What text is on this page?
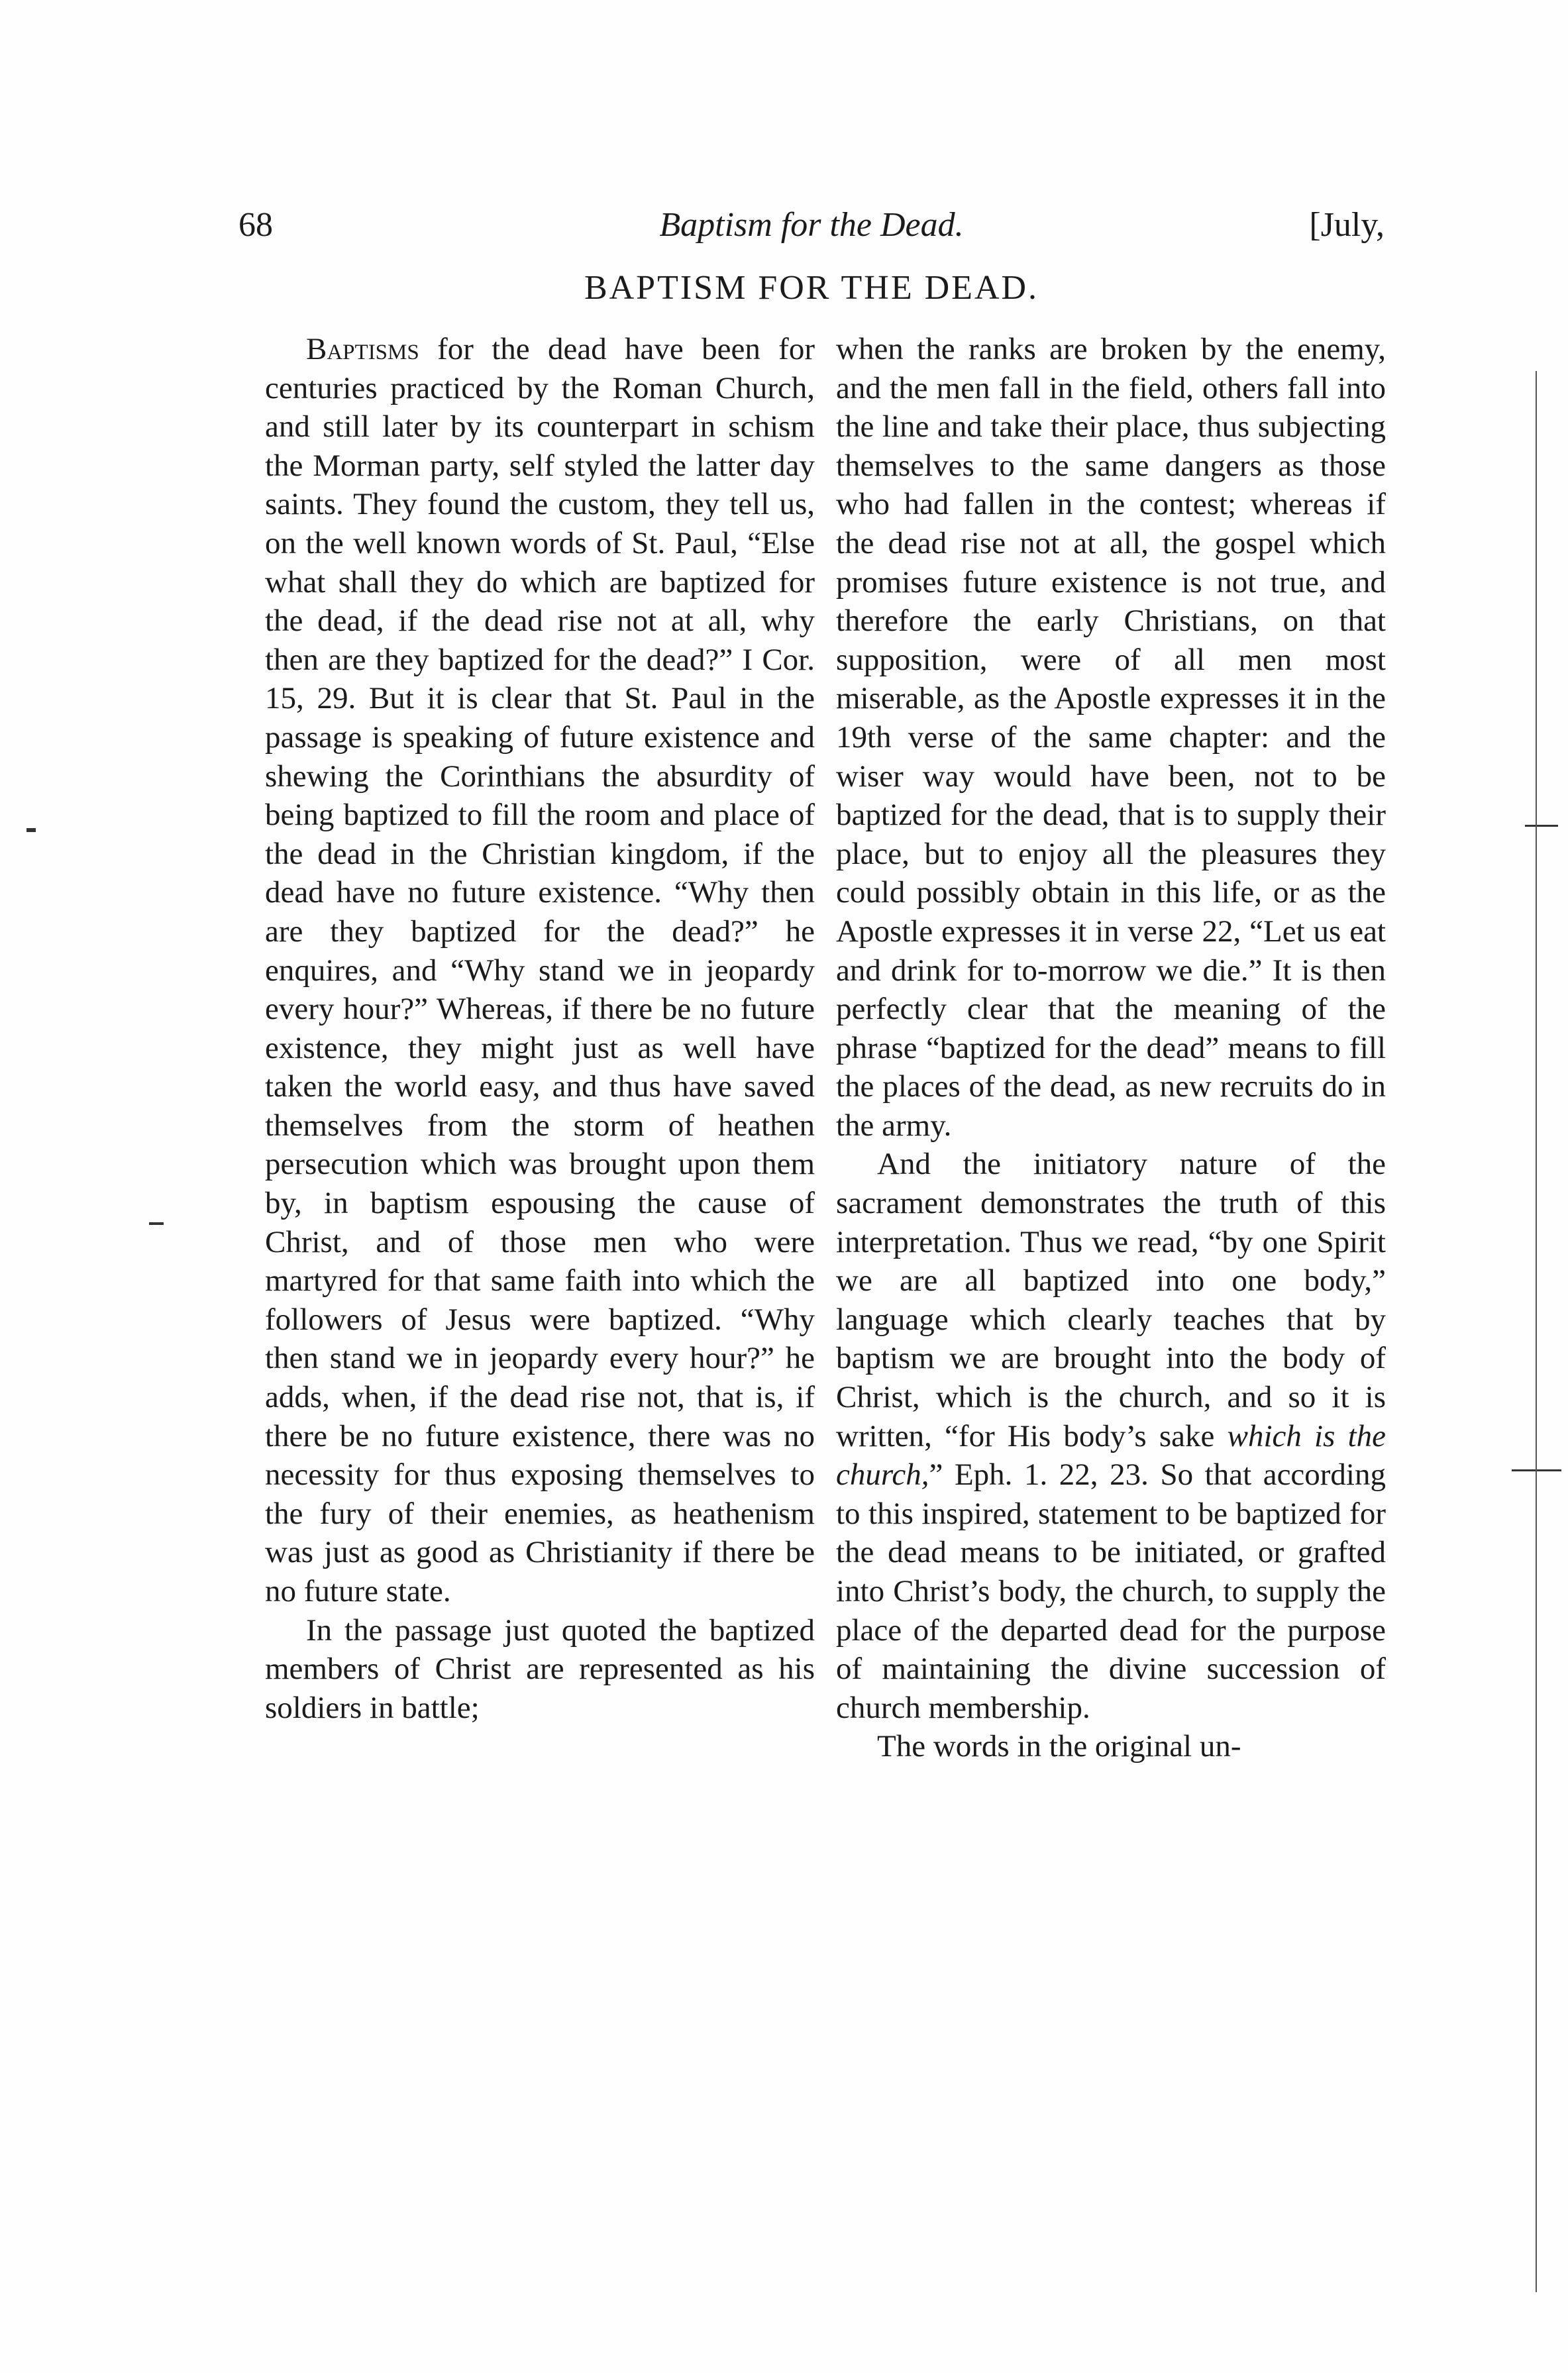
68	Baptism for the Dead.	[July,
BAPTISM FOR THE DEAD.

Baptisms for the dead have been for centuries practiced by the Roman Church, and still later by its counterpart in schism the Morman party, self styled the latter day saints. They found the custom, they tell us, on the well known words of St. Paul, “Else what shall they do which are baptized for the dead, if the dead rise not at all, why then are they baptized for the dead?” I Cor. 15, 29. But it is clear that St. Paul in the passage is speaking of future existence and shewing the Corinthians the absurdity of being baptized to fill the room and place of the dead in the Christian kingdom, if the dead have no future existence. “Why then are they baptized for the dead?” he enquires, and “Why stand we in jeopardy every hour?” Whereas, if there be no future existence, they might just as well have taken the world easy, and thus have saved themselves from the storm of heathen persecution which was brought upon them by, in baptism espousing the cause of Christ, and of those men who were martyred for that same faith into which the followers of Jesus were baptized. “Why then stand we in jeopardy every hour?” he adds, when, if the dead rise not, that is, if there be no future existence, there was no necessity for thus exposing themselves to the fury of their enemies, as heathenism was just as good as Christianity if there be no future state.

In the passage just quoted the baptized members of Christ are represented as his soldiers in battle;

when the ranks are broken by the enemy, and the men fall in the field, others fall into the line and take their place, thus subjecting themselves to the same dangers as those who had fallen in the contest; whereas if the dead rise not at all, the gospel which promises future existence is not true, and therefore the early Christians, on that supposition, were of all men most miserable, as the Apostle expresses it in the 19th verse of the same chapter: and the wiser way would have been, not to be baptized for the dead, that is to supply their place, but to enjoy all the pleasures they could possibly obtain in this life, or as the Apostle expresses it in verse 22, “Let us eat and drink for to-morrow we die.” It is then perfectly clear that the meaning of the phrase “baptized for the dead” means to fill the places of the dead, as new recruits do in the army.

And the initiatory nature of the sacrament demonstrates the truth of this interpretation. Thus we read, “by one Spirit we are all baptized into one body,” language which clearly teaches that by baptism we are brought into the body of Christ, which is the church, and so it is written, “for His body’s sake which is the church,” Eph. 1. 22, 23. So that according to this inspired, statement to be baptized for the dead means to be initiated, or grafted into Christ’s body, the church, to supply the place of the departed dead for the purpose of maintaining the divine succession of church membership.

The words in the original un-
